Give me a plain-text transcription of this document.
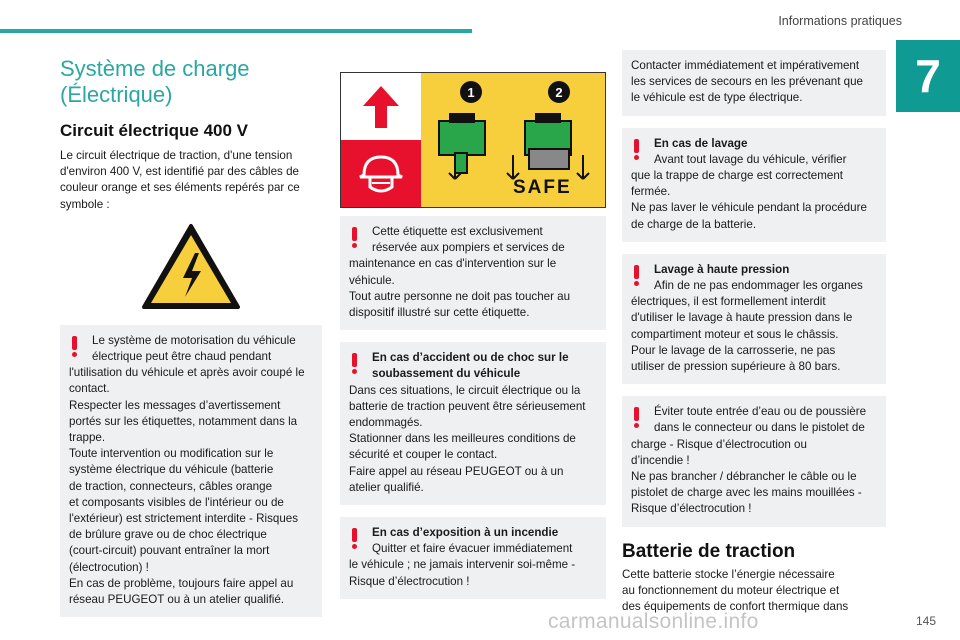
Informations pratiques
7
Système de charge
(Électrique)
Circuit électrique 400 V

Le circuit électrique de traction, d'une tension
d'environ 400 V, est identifié par des câbles de
couleur orange et ses éléments repérés par ce
symbole :

Le système de motorisation du véhicule
électrique peut être chaud pendant
l'utilisation du véhicule et après avoir coupé le
contact.
Respecter les messages d’avertissement
portés sur les étiquettes, notamment dans la
trappe.
Toute intervention ou modification sur le
système électrique du véhicule (batterie
de traction, connecteurs, câbles orange
et composants visibles de l'intérieur ou de
l'extérieur) est strictement interdite - Risques
de brûlure grave ou de choc électrique
(court-circuit) pouvant entraîner la mort
(électrocution) !
En cas de problème, toujours faire appel au
réseau PEUGEOT ou à un atelier qualifié.
1	2
SAFE
Cette étiquette est exclusivement
réservée aux pompiers et services de
maintenance en cas d'intervention sur le
véhicule.
Tout autre personne ne doit pas toucher au
dispositif illustré sur cette étiquette.
En cas d’accident ou de choc sur le
soubassement du véhicule
Dans ces situations, le circuit électrique ou la
batterie de traction peuvent être sérieusement
endommagés.
Stationner dans les meilleures conditions de
sécurité et couper le contact.
Faire appel au réseau PEUGEOT ou à un
atelier qualifié.
En cas d’exposition à un incendie
Quitter et faire évacuer immédiatement
le véhicule ; ne jamais intervenir soi-même -
Risque d’électrocution !
Contacter immédiatement et impérativement
les services de secours en les prévenant que
le véhicule est de type électrique.
En cas de lavage
Avant tout lavage du véhicule, vérifier
que la trappe de charge est correctement
fermée.
Ne pas laver le véhicule pendant la procédure
de charge de la batterie.
Lavage à haute pression
Afin de ne pas endommager les organes
électriques, il est formellement interdit
d'utiliser le lavage à haute pression dans le
compartiment moteur et sous le châssis.
Pour le lavage de la carrosserie, ne pas
utiliser de pression supérieure à 80 bars.
Éviter toute entrée d’eau ou de poussière
dans le connecteur ou dans le pistolet de
charge - Risque d’électrocution ou
d’incendie !
Ne pas brancher / débrancher le câble ou le
pistolet de charge avec les mains mouillées -
Risque d’électrocution !
Batterie de traction

Cette batterie stocke l’énergie nécessaire
au fonctionnement du moteur électrique et
des équipements de confort thermique dans

carmanualsonline.info	145
